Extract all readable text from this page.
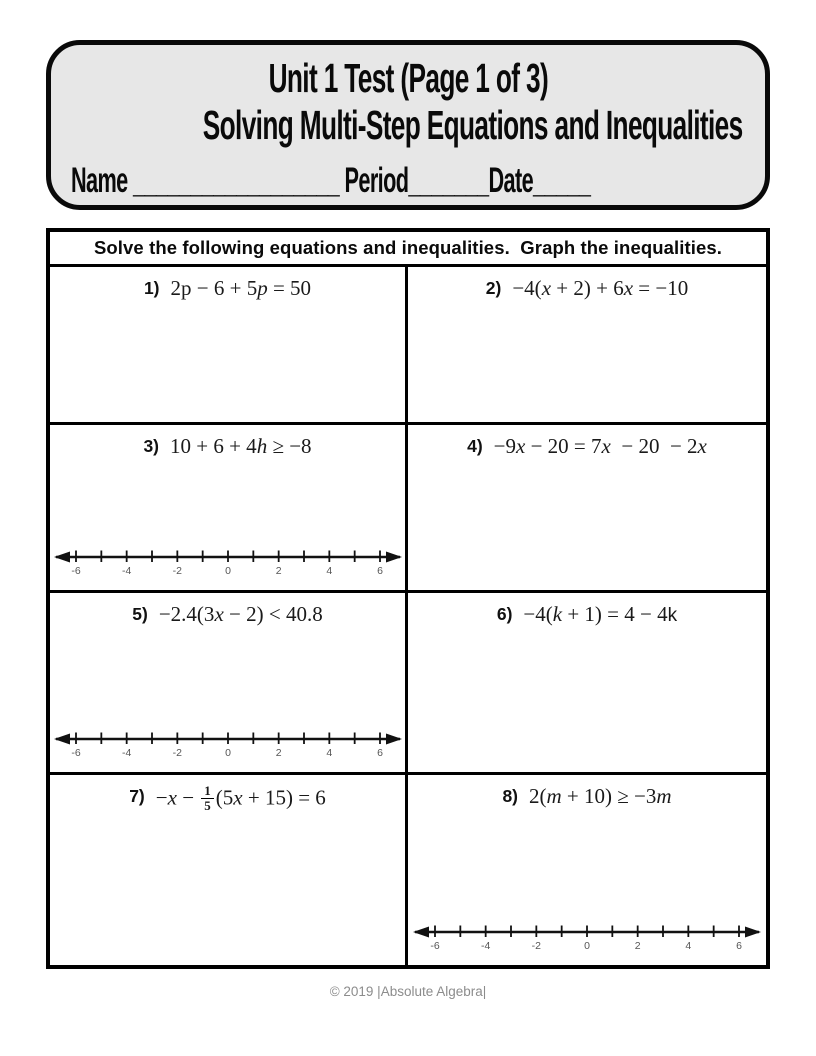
Unit 1 Test (Page 1 of 3)
Solving Multi-Step Equations and Inequalities
Name __________________ Period_______Date_____
Solve the following equations and inequalities.  Graph the inequalities.
1) 2p − 6 + 5p = 50	2) −4(x + 2) + 6x = −10
3) 10 + 6 + 4h ≥ −8
-6	-4	-2	0	2	4	6
4) −9x − 20 = 7x  − 20  − 2x
5) −2.4(3x − 2) < 40.8
-6	-4	-2	0	2	4	6
6) −4(k + 1) = 4 − 4k
$7) -x - \frac{1}{5} (5x + 15) = 6$	8) 2(m + 10) ≥ −3m
-6	-4	-2	0	2	4	6
© 2019 |Absolute Algebra|
